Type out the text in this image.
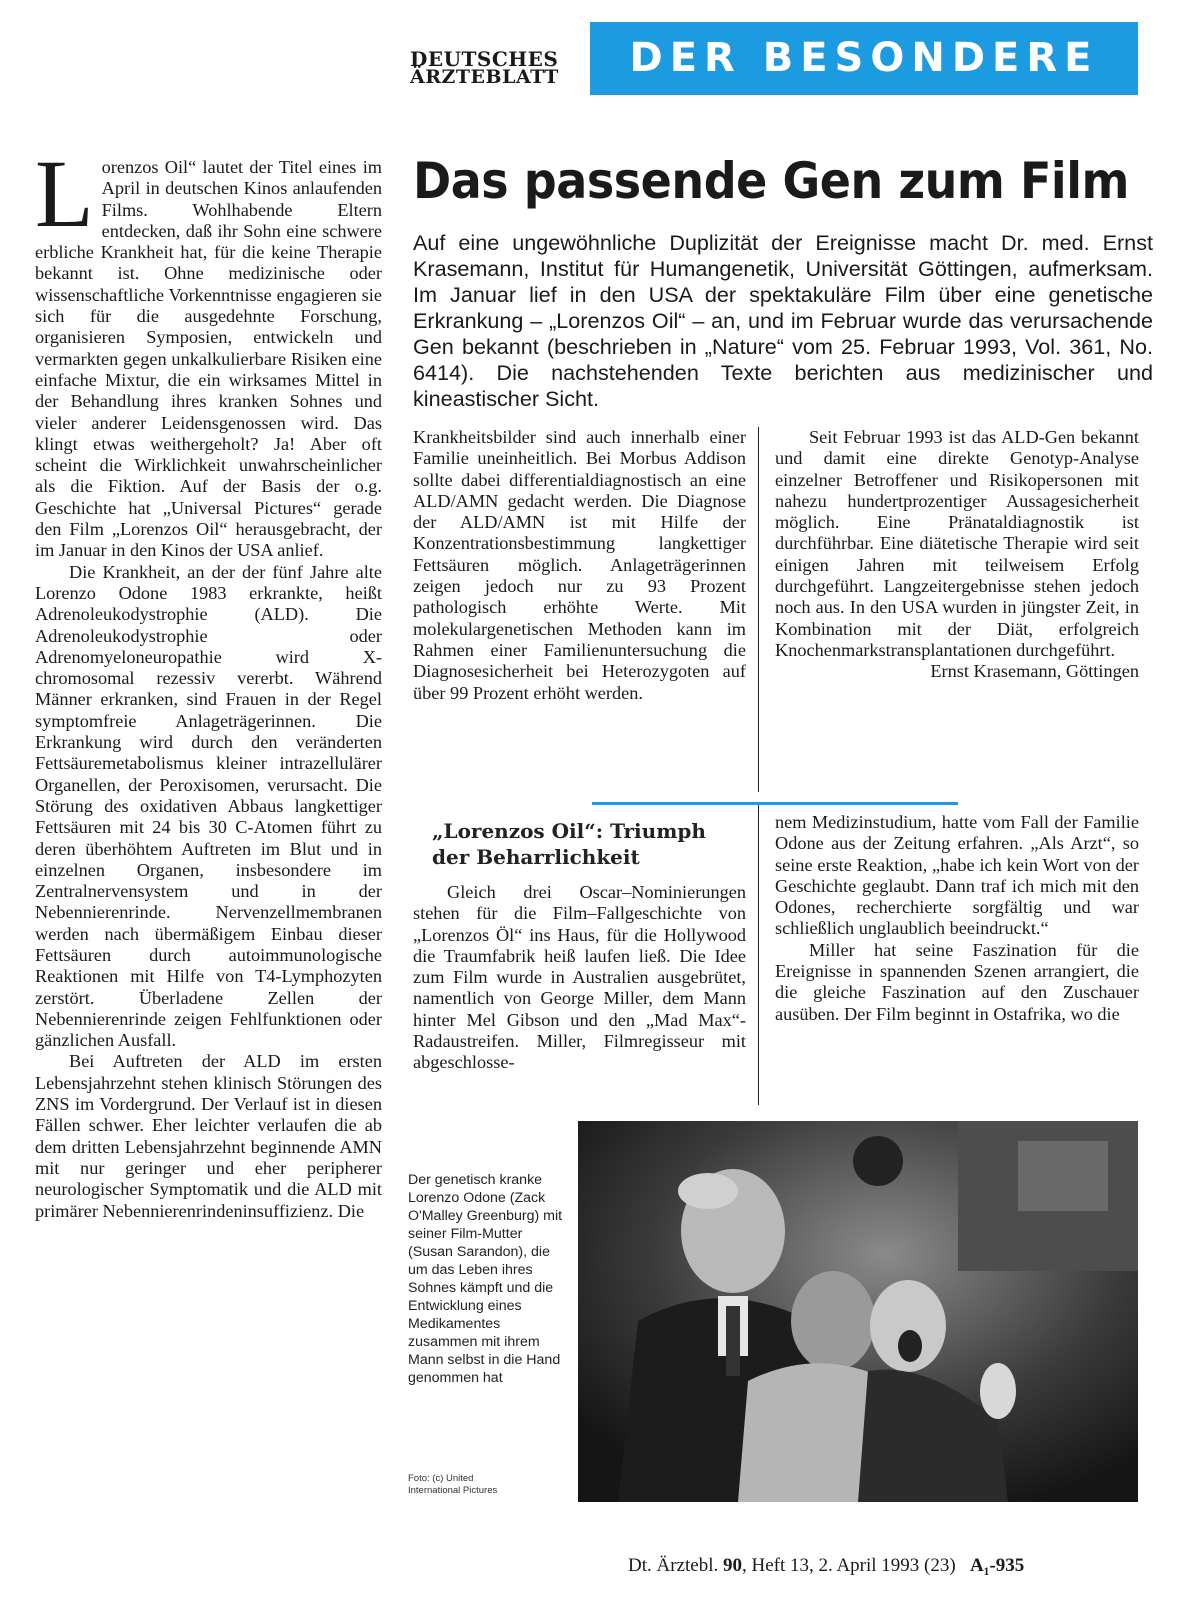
DEUTSCHES
ÄRZTEBLATT	DER BESONDERE FILM

Lorenzos Oil“ lautet der Titel eines im April in deutschen Kinos anlaufenden Films. Wohlhabende Eltern entdecken, daß ihr Sohn eine schwere erbliche Krankheit hat, für die keine Therapie bekannt ist. Ohne medizinische oder wissenschaftliche Vorkenntnisse engagieren sie sich für die ausgedehnte Forschung, organisieren Symposien, entwickeln und vermarkten gegen unkalkulierbare Risiken eine einfache Mixtur, die ein wirksames Mittel in der Behandlung ihres kranken Sohnes und vieler anderer Leidensgenossen wird. Das klingt etwas weithergeholt? Ja! Aber oft scheint die Wirklichkeit unwahrscheinlicher als die Fiktion. Auf der Basis der o.g. Geschichte hat „Universal Pictures“ gerade den Film „Lorenzos Oil“ herausgebracht, der im Januar in den Kinos der USA anlief.

Die Krankheit, an der der fünf Jahre alte Lorenzo Odone 1983 erkrankte, heißt Adrenoleukodystrophie (ALD). Die Adrenoleukodystrophie oder Adrenomyeloneuropathie wird X-chromosomal rezessiv vererbt. Während Männer erkranken, sind Frauen in der Regel symptomfreie Anlageträgerinnen. Die Erkrankung wird durch den veränderten Fettsäuremetabolismus kleiner intrazellulärer Organellen, der Peroxisomen, verursacht. Die Störung des oxidativen Abbaus langkettiger Fettsäuren mit 24 bis 30 C-Atomen führt zu deren überhöhtem Auftreten im Blut und in einzelnen Organen, insbesondere im Zentralnervensystem und in der Nebennierenrinde. Nervenzellmembranen werden nach übermäßigem Einbau dieser Fettsäuren durch autoimmunologische Reaktionen mit Hilfe von T4-Lymphozyten zerstört. Überladene Zellen der Nebennierenrinde zeigen Fehlfunktionen oder gänzlichen Ausfall.

Bei Auftreten der ALD im ersten Lebensjahrzehnt stehen klinisch Störungen des ZNS im Vordergrund. Der Verlauf ist in diesen Fällen schwer. Eher leichter verlaufen die ab dem dritten Lebensjahrzehnt beginnende AMN mit nur geringer und eher peripherer neurologischer Symptomatik und die ALD mit primärer Nebennierenrindeninsuffizienz. Die

Das passende Gen zum Film
Auf eine ungewöhnliche Duplizität der Ereignisse macht Dr. med. Ernst Krasemann, Institut für Humangenetik, Universität Göttingen, aufmerksam. Im Januar lief in den USA der spektakuläre Film über eine genetische Erkrankung – „Lorenzos Oil“ – an, und im Februar wurde das verursachende Gen bekannt (beschrieben in „Nature“ vom 25. Februar 1993, Vol. 361, No. 6414). Die nachstehenden Texte berichten aus medizinischer und kineastischer Sicht.

Krankheitsbilder sind auch innerhalb einer Familie uneinheitlich. Bei Morbus Addison sollte dabei differentialdiagnostisch an eine ALD/AMN gedacht werden. Die Diagnose der ALD/AMN ist mit Hilfe der Konzentrationsbestimmung langkettiger Fettsäuren möglich. Anlageträgerinnen zeigen jedoch nur zu 93 Prozent pathologisch erhöhte Werte. Mit molekulargenetischen Methoden kann im Rahmen einer Familienuntersuchung die Diagnosesicherheit bei Heterozygoten auf über 99 Prozent erhöht werden.

Seit Februar 1993 ist das ALD-Gen bekannt und damit eine direkte Genotyp-Analyse einzelner Betroffener und Risikopersonen mit nahezu hundertprozentiger Aussagesicherheit möglich. Eine Pränataldiagnostik ist durchführbar. Eine diätetische Therapie wird seit einigen Jahren mit teilweisem Erfolg durchgeführt. Langzeitergebnisse stehen jedoch noch aus. In den USA wurden in jüngster Zeit, in Kombination mit der Diät, erfolgreich Knochenmarkstransplantationen durchgeführt.

Ernst Krasemann, Göttingen

„Lorenzos Oil“: Triumph der Beharrlichkeit

Gleich drei Oscar–Nominierungen stehen für die Film–Fallgeschichte von „Lorenzos Öl“ ins Haus, für die Hollywood die Traumfabrik heiß laufen ließ. Die Idee zum Film wurde in Australien ausgebrütet, namentlich von George Miller, dem Mann hinter Mel Gibson und den „Mad Max“-Radaustreifen. Miller, Filmregisseur mit abgeschlosse-

nem Medizinstudium, hatte vom Fall der Familie Odone aus der Zeitung erfahren. „Als Arzt“, so seine erste Reaktion, „habe ich kein Wort von der Geschichte geglaubt. Dann traf ich mich mit den Odones, recherchierte sorgfältig und war schließlich unglaublich beeindruckt.“

Miller hat seine Faszination für die Ereignisse in spannenden Szenen arrangiert, die die gleiche Faszination auf den Zuschauer ausüben. Der Film beginnt in Ostafrika, wo die

Der genetisch kranke Lorenzo Odone (Zack O'Malley Greenburg) mit seiner Film-Mutter (Susan Sarandon), die um das Leben ihres Sohnes kämpft und die Entwicklung eines Medikamentes zusammen mit ihrem Mann selbst in die Hand genommen hat
Foto: (c) United
International Pictures
Dt. Ärztebl. 90, Heft 13, 2. April 1993 (23) A₁-935
